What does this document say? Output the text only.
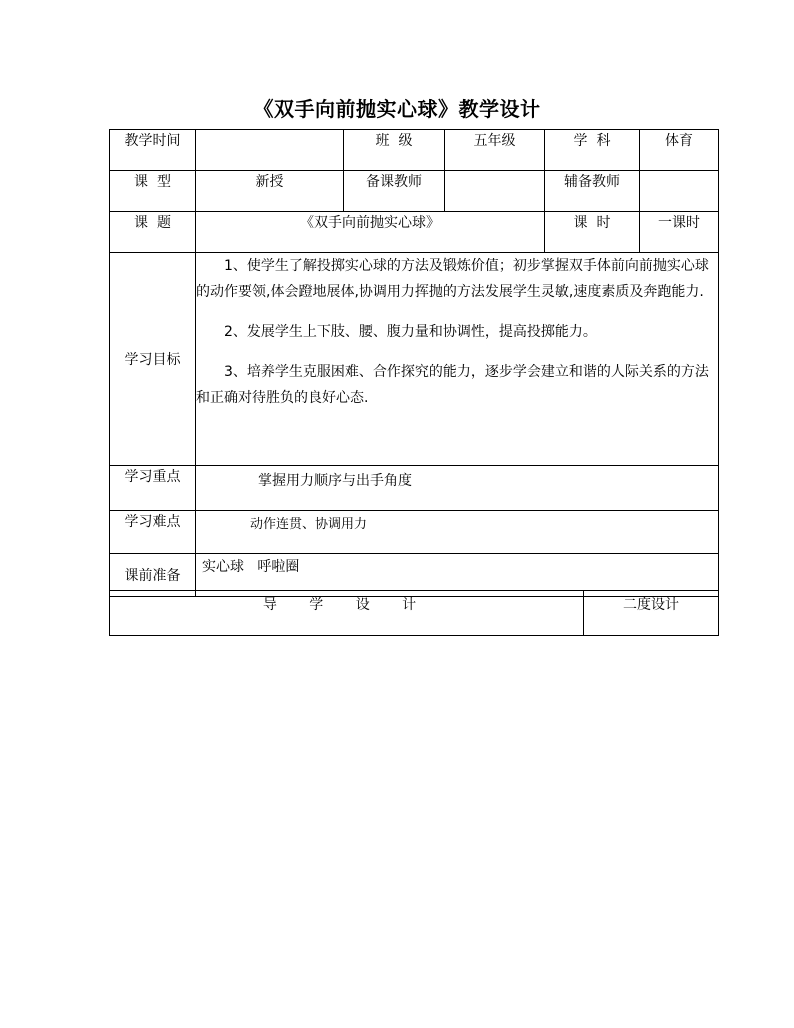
《双手向前抛实心球》教学设计
教学时间		班  级	五年级	学  科	体育
课  型	新授	备课教师		辅备教师	
课  题	《双手向前抛实心球》			课  时	一课时
学习目标	1、使学生了解投掷实心球的方法及锻炼价值；初步掌握双手体前向前抛实心球的动作要领,体会蹬地展体,协调用力挥抛的方法发展学生灵敏,速度素质及奔跑能力.

2、发展学生上下肢、腰、腹力量和协调性，提高投掷能力。

3、培养学生克服困难、合作探究的能力，逐步学会建立和谐的人际关系的方法和正确对待胜负的良好心态.				

学习重点	掌握用力顺序与出手角度				
学习难点	动作连贯、协调用力				
课前准备	实心球   呼啦圈				
导 学 设 计	二度设计
